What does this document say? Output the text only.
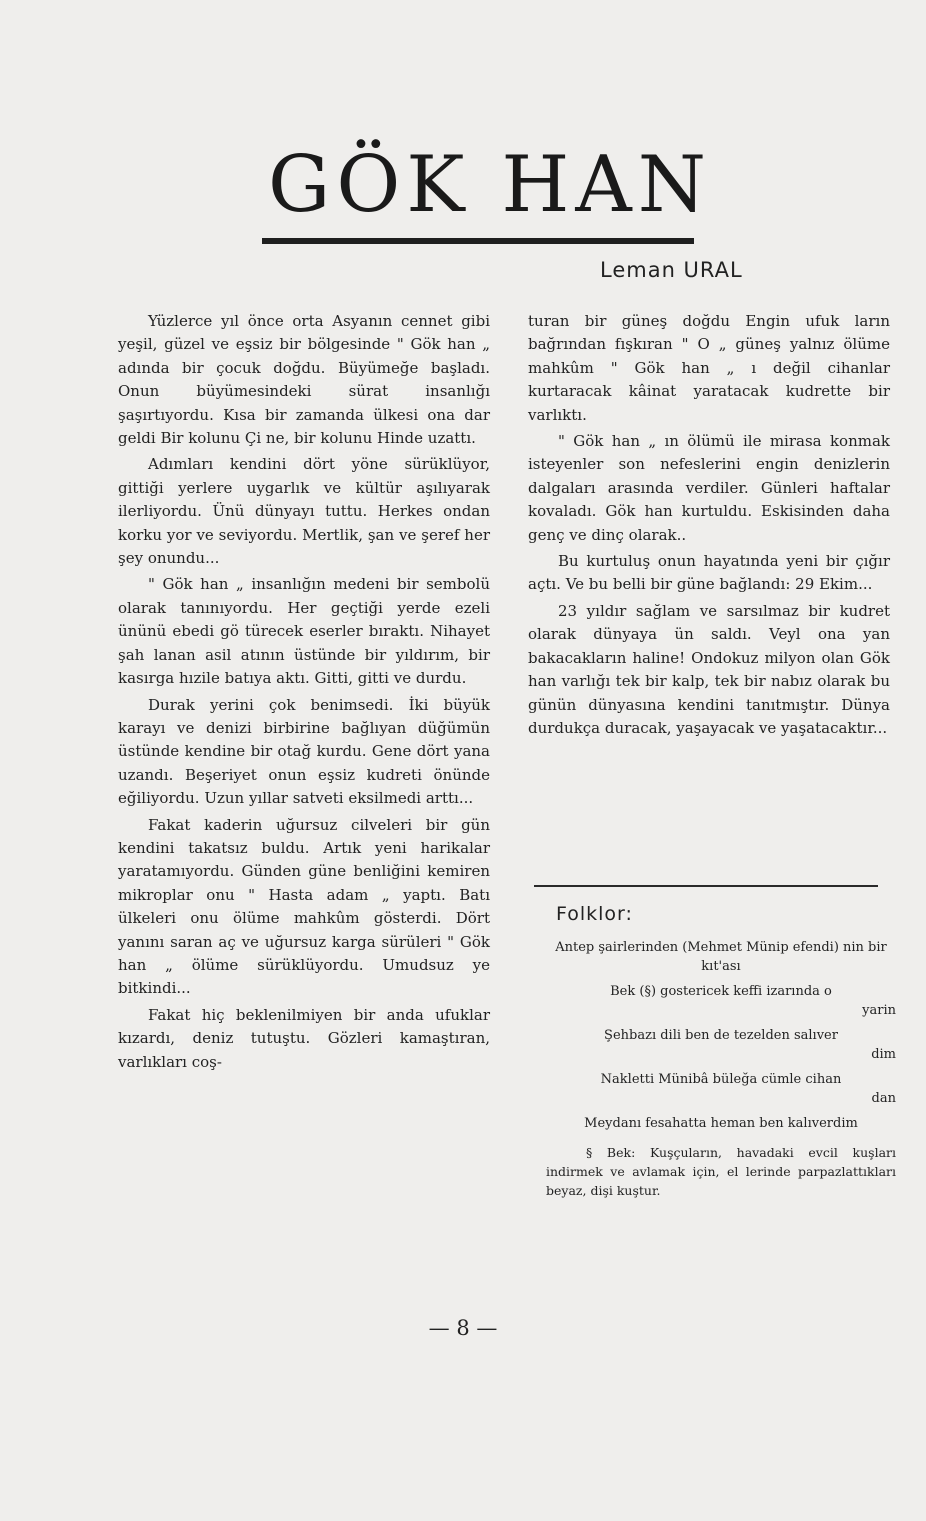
GÖK HAN
Leman URAL

Yüzlerce yıl önce orta Asyanın cennet gibi yeşil, güzel ve eşsiz bir bölgesinde " Gök han „ adında bir çocuk doğdu. Büyümeğe başladı. Onun büyümesindeki sürat insanlığı şaşırtıyordu. Kısa bir zamanda ülkesi ona dar geldi Bir kolunu Çi ne, bir kolunu Hinde uzattı.

Adımları kendini dört yöne sürüklüyor, gittiği yerlere uygarlık ve kültür aşılıyarak ilerliyordu. Ünü dünyayı tuttu. Herkes ondan korku yor ve seviyordu. Mertlik, şan ve şeref her şey onundu...

" Gök han „ insanlığın medeni bir sembolü olarak tanınıyordu. Her geçtiği yerde ezeli ününü ebedi gö türecek eserler bıraktı. Nihayet şah lanan asil atının üstünde bir yıldırım, bir kasırga hızile batıya aktı. Gitti, gitti ve durdu.

Durak yerini çok benimsedi. İki büyük karayı ve denizi birbirine bağlıyan düğümün üstünde kendine bir otağ kurdu. Gene dört yana uzandı. Beşeriyet onun eşsiz kudreti önünde eğiliyordu. Uzun yıllar satveti eksilmedi arttı...

Fakat kaderin uğursuz cilveleri bir gün kendini takatsız buldu. Artık yeni harikalar yaratamıyordu. Günden güne benliğini kemiren mikroplar onu " Hasta adam „ yaptı. Batı ülkeleri onu ölüme mahkûm gösterdi. Dört yanını saran aç ve uğursuz karga sürüleri " Gök han „ ölüme sürüklüyordu. Umudsuz ye bitkindi...

Fakat hiç beklenilmiyen bir anda ufuklar kızardı, deniz tutuştu. Gözleri kamaştıran, varlıkları coş-

turan bir güneş doğdu Engin ufuk ların bağrından fışkıran " O „ güneş yalnız ölüme mahkûm " Gök han „ ı değil cihanlar kurtaracak kâinat yaratacak kudrette bir varlıktı.

" Gök han „ ın ölümü ile mirasa konmak isteyenler son nefeslerini engin denizlerin dalgaları arasında verdiler. Günleri haftalar kovaladı. Gök han kurtuldu. Eskisinden daha genç ve dinç olarak..

Bu kurtuluş onun hayatında yeni bir çığır açtı. Ve bu belli bir güne bağlandı: 29 Ekim...

23 yıldır sağlam ve sarsılmaz bir kudret olarak dünyaya ün saldı. Veyl ona yan bakacakların haline! Ondokuz milyon olan Gök han varlığı tek bir kalp, tek bir nabız olarak bu günün dünyasına kendini tanıtmıştır. Dünya durdukça duracak, yaşayacak ve yaşatacaktır...

Folklor:
Antep şairlerinden (Mehmet Münip efendi) nin bir kıt'ası
Bek (§) gostericek keffi izarında o
yarin
Şehbazı dili ben de tezelden salıver
dim
Nakletti Münibâ büleğa cümle cihan
dan
Meydanı fesahatta heman ben kalıverdim
§ Bek: Kuşçuların, havadaki evcil kuşları indirmek ve avlamak için, el lerinde parpazlattıkları beyaz, dişi kuştur.
— 8 —
